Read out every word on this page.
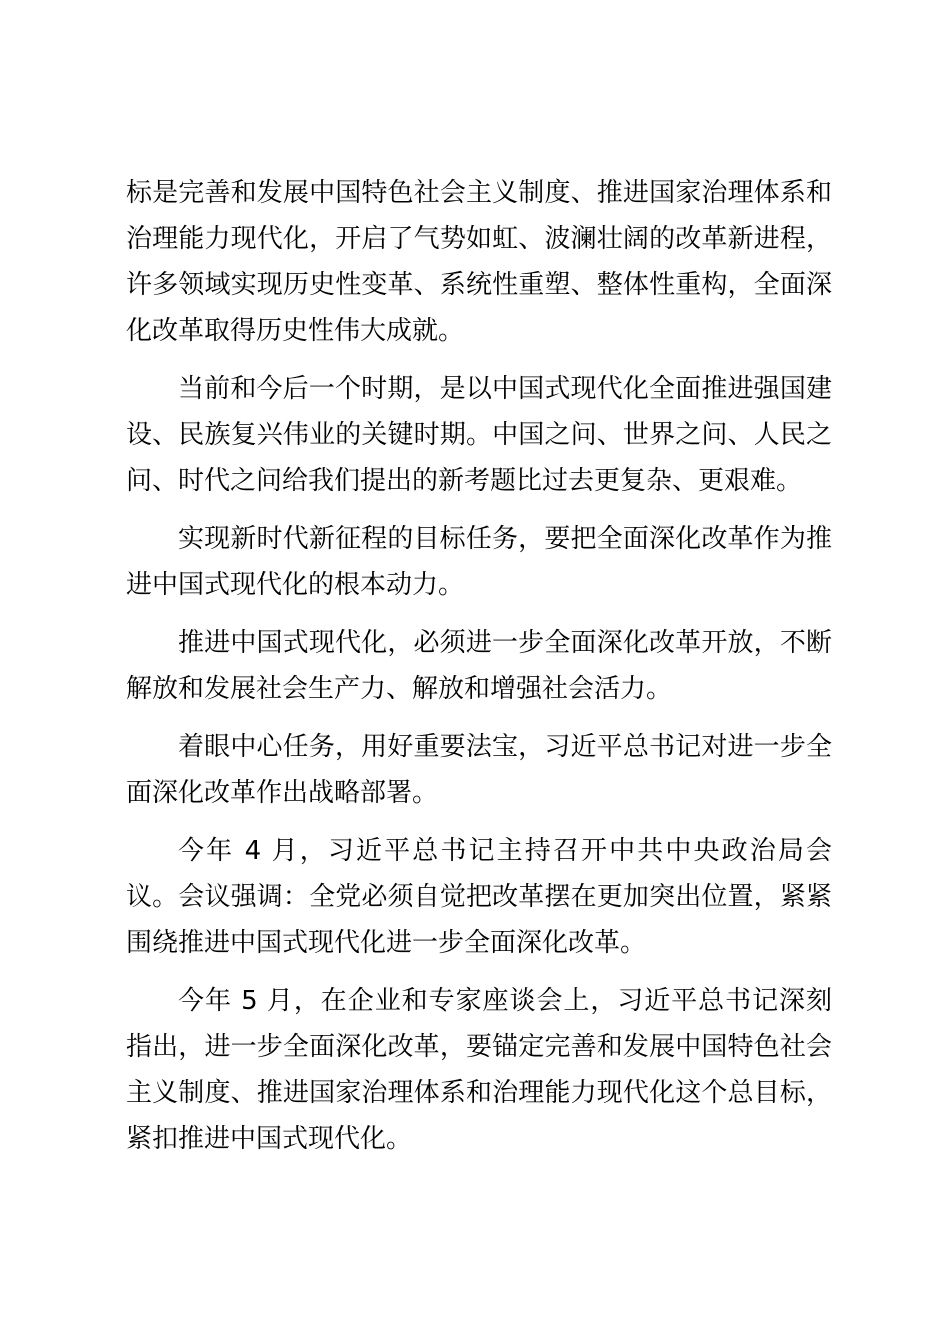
标是完善和发展中国特色社会主义制度、推进国家治理体系和治理能力现代化，开启了气势如虹、波澜壮阔的改革新进程，许多领域实现历史性变革、系统性重塑、整体性重构，全面深化改革取得历史性伟大成就。

当前和今后一个时期，是以中国式现代化全面推进强国建设、民族复兴伟业的关键时期。中国之问、世界之问、人民之问、时代之问给我们提出的新考题比过去更复杂、更艰难。

实现新时代新征程的目标任务，要把全面深化改革作为推进中国式现代化的根本动力。

推进中国式现代化，必须进一步全面深化改革开放，不断解放和发展社会生产力、解放和增强社会活力。

着眼中心任务，用好重要法宝，习近平总书记对进一步全面深化改革作出战略部署。

今年 4 月，习近平总书记主持召开中共中央政治局会议。会议强调：全党必须自觉把改革摆在更加突出位置，紧紧围绕推进中国式现代化进一步全面深化改革。

今年 5 月，在企业和专家座谈会上，习近平总书记深刻指出，进一步全面深化改革，要锚定完善和发展中国特色社会主义制度、推进国家治理体系和治理能力现代化这个总目标，紧扣推进中国式现代化。
